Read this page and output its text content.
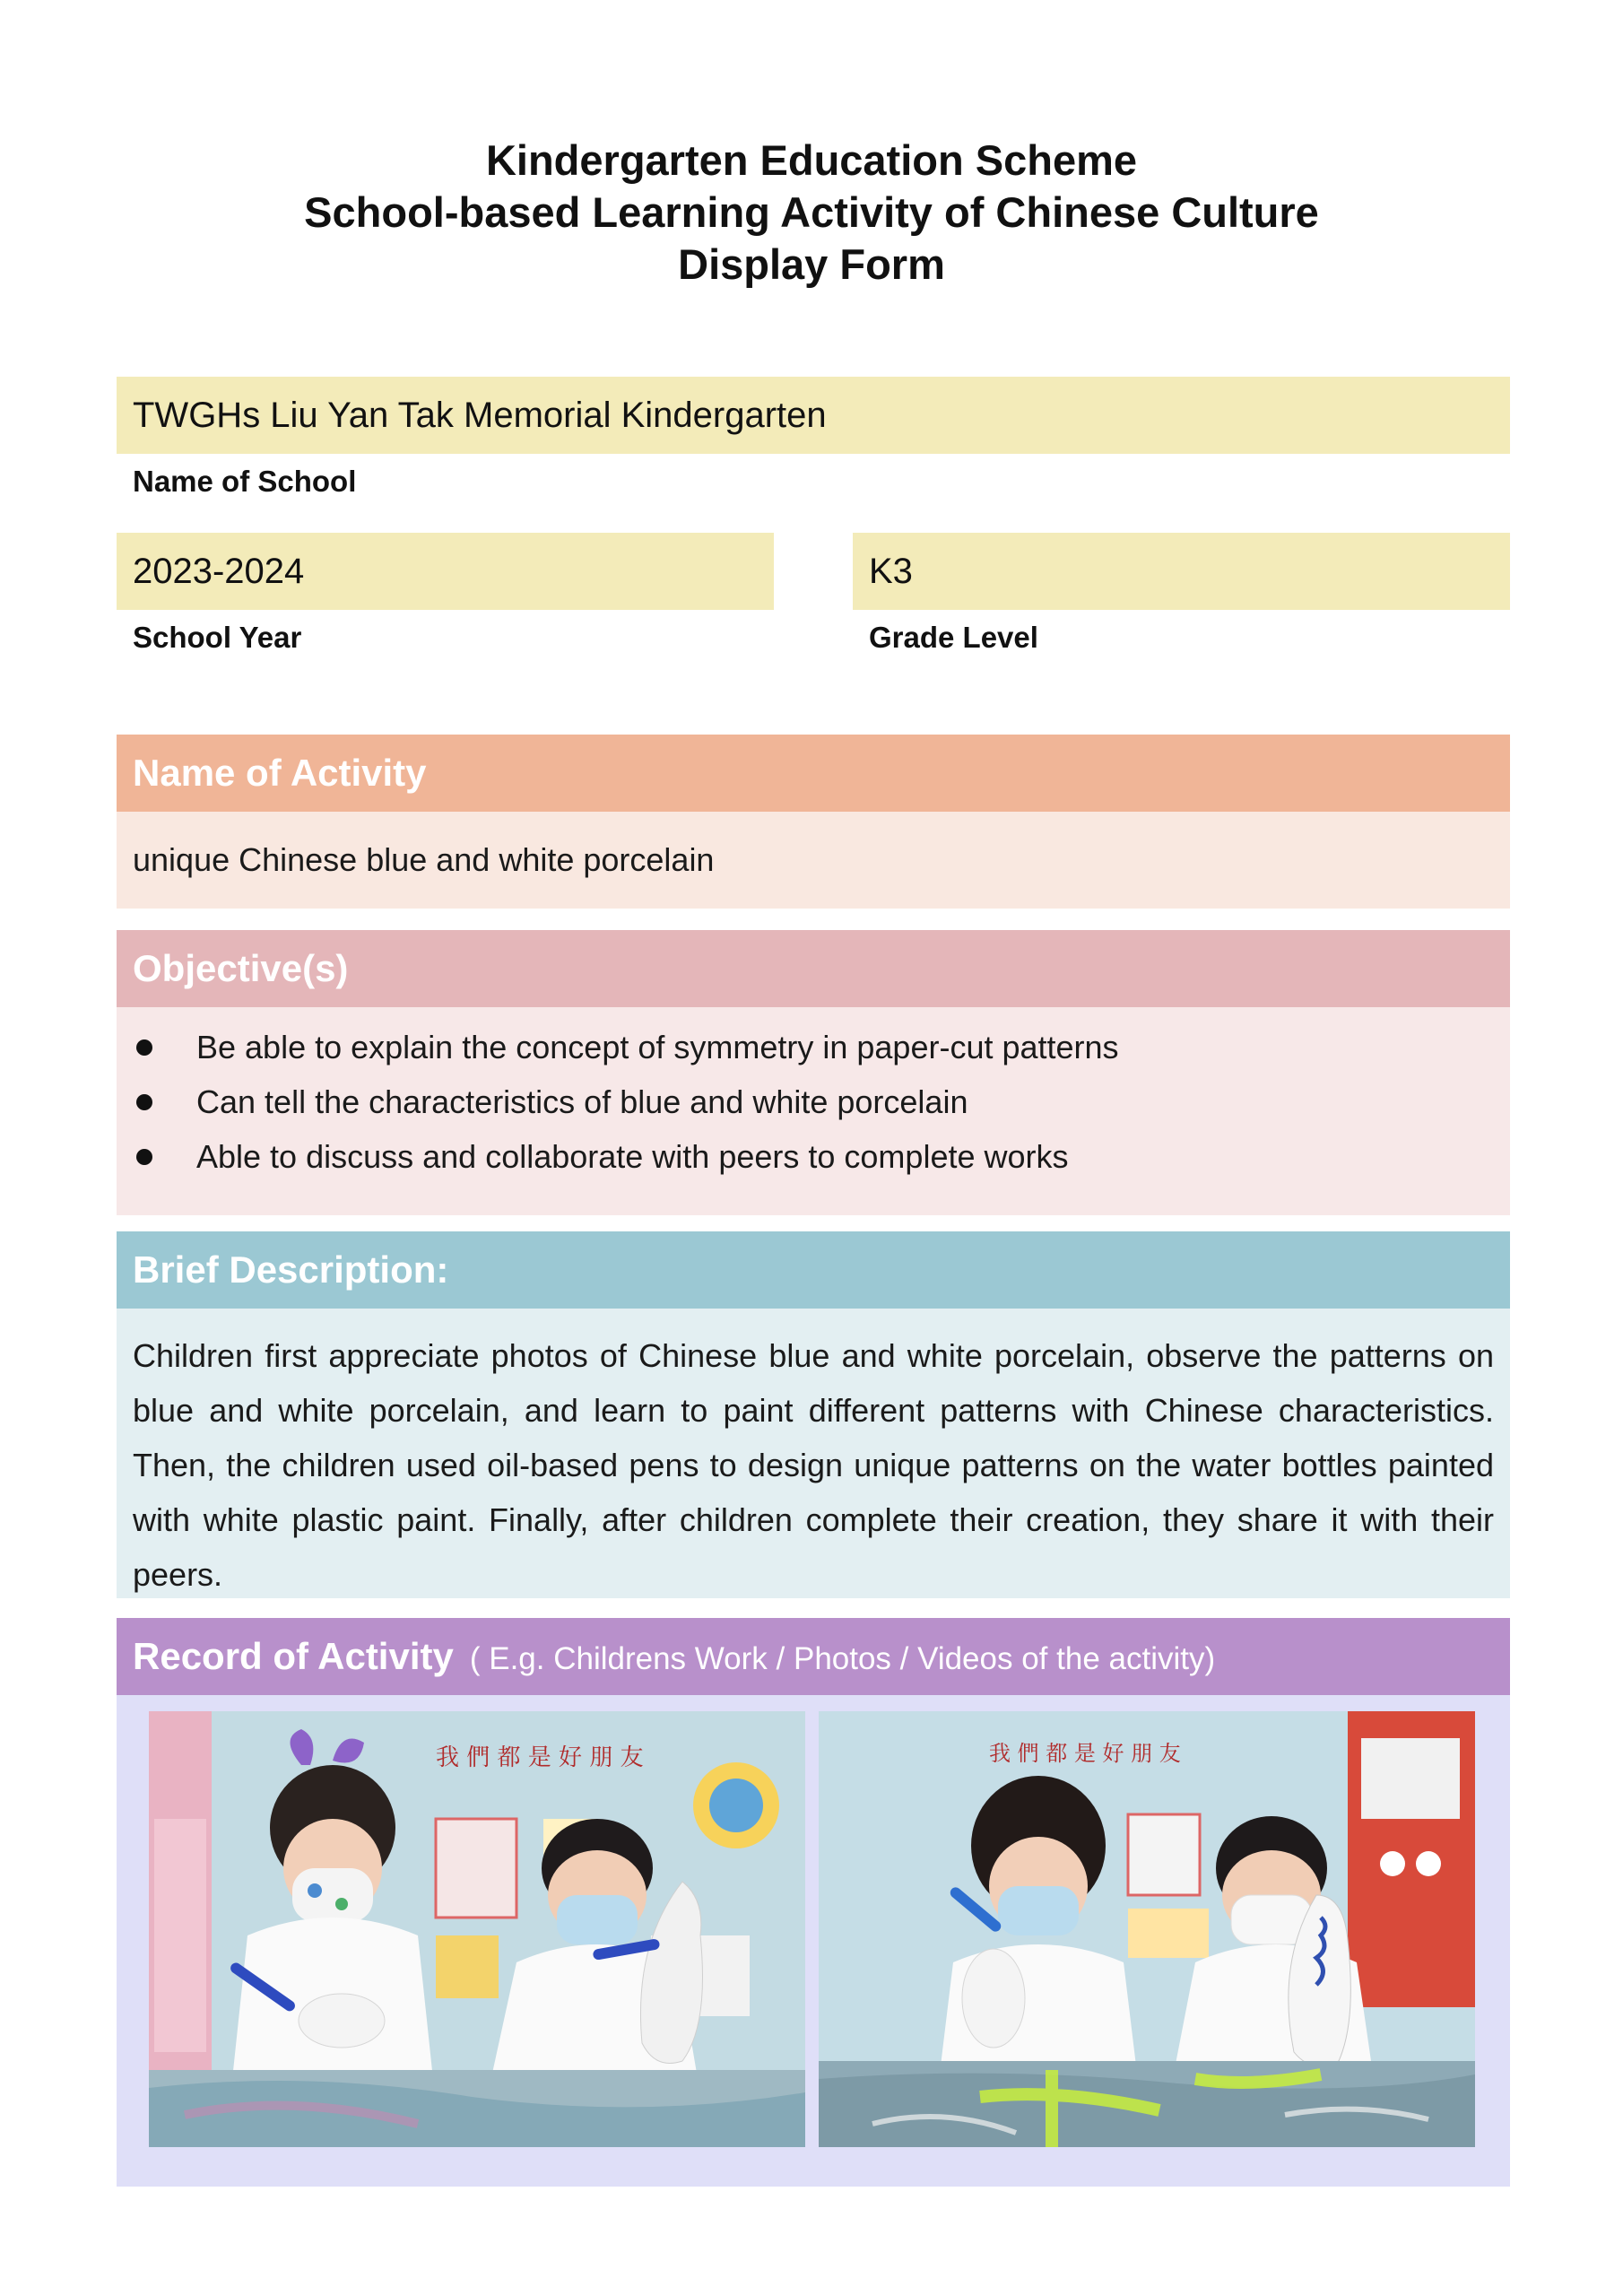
Kindergarten Education Scheme
School-based Learning Activity of Chinese Culture
Display Form
TWGHs Liu Yan Tak Memorial Kindergarten
Name of School
2023-2024
School Year
K3
Grade Level
Name of Activity
unique Chinese blue and white porcelain
Objective(s)
Be able to explain the concept of symmetry in paper-cut patterns
Can tell the characteristics of blue and white porcelain
Able to discuss and collaborate with peers to complete works
Brief Description:
Children first appreciate photos of Chinese blue and white porcelain, observe the patterns on blue and white porcelain, and learn to paint different patterns with Chinese characteristics. Then, the children used oil-based pens to design unique patterns on the water bottles painted with white plastic paint. Finally, after children complete their creation, they share it with their peers.
Record of Activity ( E.g. Childrens Work / Photos / Videos of the activity)
我 們 都 是 好 朋 友	我 們 都 是 好 朋 友
